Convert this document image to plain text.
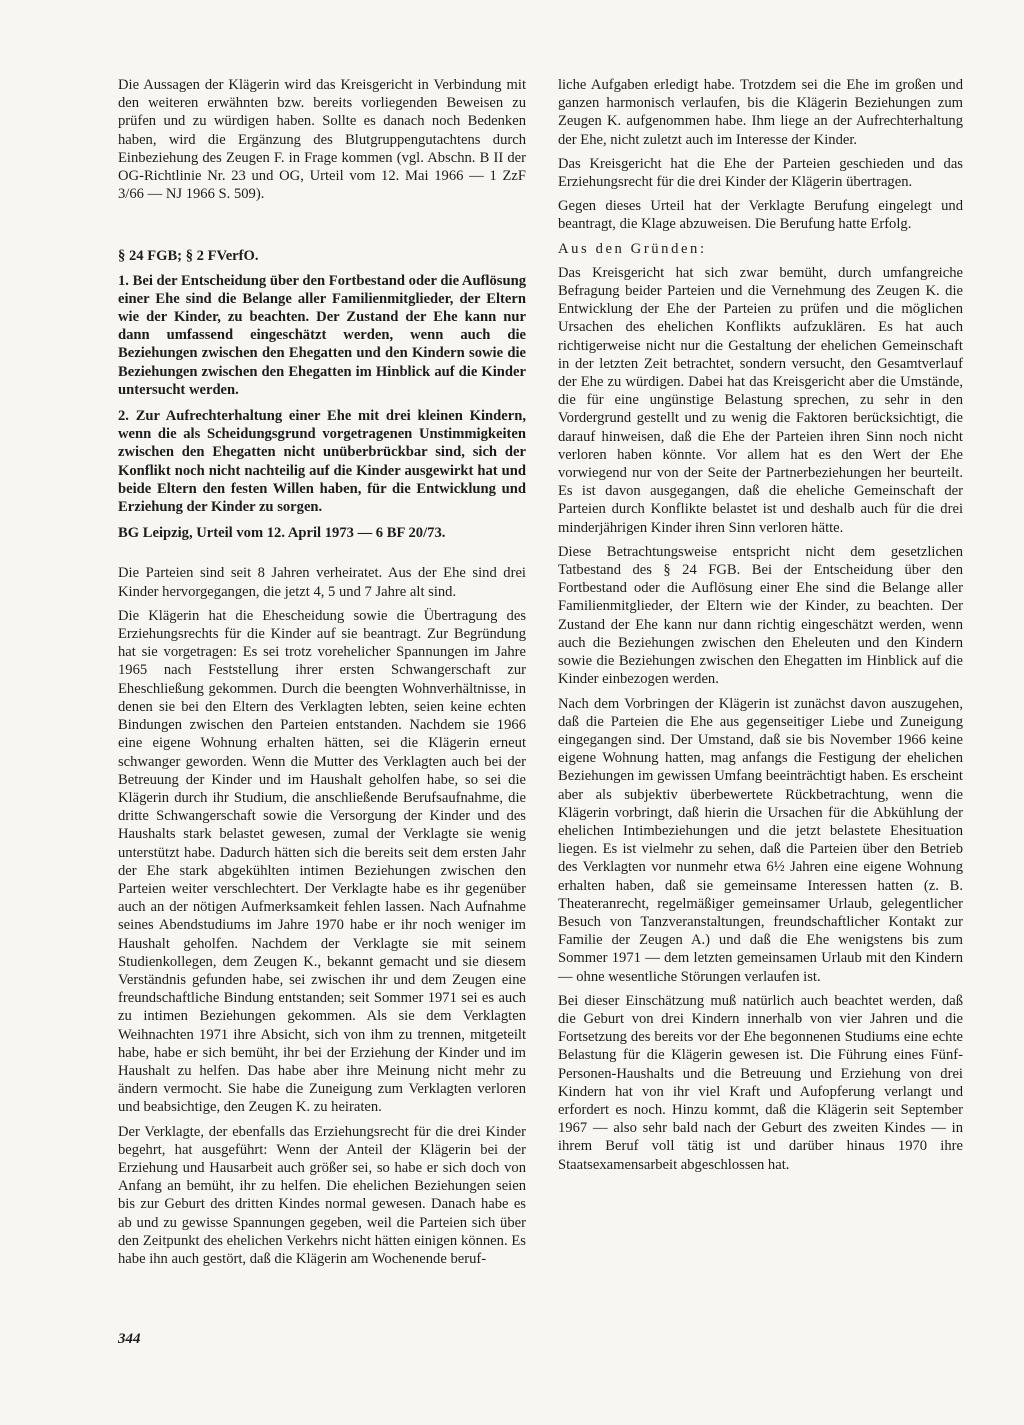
Die Aussagen der Klägerin wird das Kreisgericht in Verbindung mit den weiteren erwähnten bzw. bereits vorliegenden Beweisen zu prüfen und zu würdigen haben. Sollte es danach noch Bedenken haben, wird die Ergänzung des Blutgruppengutachtens durch Einbeziehung des Zeugen F. in Frage kommen (vgl. Abschn. B II der OG-Richtlinie Nr. 23 und OG, Urteil vom 12. Mai 1966 — 1 ZzF 3/66 — NJ 1966 S. 509).

§ 24 FGB; § 2 FVerfO.

1. Bei der Entscheidung über den Fortbestand oder die Auflösung einer Ehe sind die Belange aller Familienmitglieder, der Eltern wie der Kinder, zu beachten. Der Zustand der Ehe kann nur dann umfassend eingeschätzt werden, wenn auch die Beziehungen zwischen den Ehegatten und den Kindern sowie die Beziehungen zwischen den Ehegatten im Hinblick auf die Kinder untersucht werden.

2. Zur Aufrechterhaltung einer Ehe mit drei kleinen Kindern, wenn die als Scheidungsgrund vorgetragenen Unstimmigkeiten zwischen den Ehegatten nicht unüberbrückbar sind, sich der Konflikt noch nicht nachteilig auf die Kinder ausgewirkt hat und beide Eltern den festen Willen haben, für die Entwicklung und Erziehung der Kinder zu sorgen.

BG Leipzig, Urteil vom 12. April 1973 — 6 BF 20/73.

Die Parteien sind seit 8 Jahren verheiratet. Aus der Ehe sind drei Kinder hervorgegangen, die jetzt 4, 5 und 7 Jahre alt sind.

Die Klägerin hat die Ehescheidung sowie die Übertragung des Erziehungsrechts für die Kinder auf sie beantragt. Zur Begründung hat sie vorgetragen: Es sei trotz vorehelicher Spannungen im Jahre 1965 nach Feststellung ihrer ersten Schwangerschaft zur Eheschließung gekommen. Durch die beengten Wohnverhältnisse, in denen sie bei den Eltern des Verklagten lebten, seien keine echten Bindungen zwischen den Parteien entstanden. Nachdem sie 1966 eine eigene Wohnung erhalten hätten, sei die Klägerin erneut schwanger geworden. Wenn die Mutter des Verklagten auch bei der Betreuung der Kinder und im Haushalt geholfen habe, so sei die Klägerin durch ihr Studium, die anschließende Berufsaufnahme, die dritte Schwangerschaft sowie die Versorgung der Kinder und des Haushalts stark belastet gewesen, zumal der Verklagte sie wenig unterstützt habe. Dadurch hätten sich die bereits seit dem ersten Jahr der Ehe stark abgekühlten intimen Beziehungen zwischen den Parteien weiter verschlechtert. Der Verklagte habe es ihr gegenüber auch an der nötigen Aufmerksamkeit fehlen lassen. Nach Aufnahme seines Abendstudiums im Jahre 1970 habe er ihr noch weniger im Haushalt geholfen. Nachdem der Verklagte sie mit seinem Studienkollegen, dem Zeugen K., bekannt gemacht und sie diesem Verständnis gefunden habe, sei zwischen ihr und dem Zeugen eine freundschaftliche Bindung entstanden; seit Sommer 1971 sei es auch zu intimen Beziehungen gekommen. Als sie dem Verklagten Weihnachten 1971 ihre Absicht, sich von ihm zu trennen, mitgeteilt habe, habe er sich bemüht, ihr bei der Erziehung der Kinder und im Haushalt zu helfen. Das habe aber ihre Meinung nicht mehr zu ändern vermocht. Sie habe die Zuneigung zum Verklagten verloren und beabsichtige, den Zeugen K. zu heiraten.

Der Verklagte, der ebenfalls das Erziehungsrecht für die drei Kinder begehrt, hat ausgeführt: Wenn der Anteil der Klägerin bei der Erziehung und Hausarbeit auch größer sei, so habe er sich doch von Anfang an bemüht, ihr zu helfen. Die ehelichen Beziehungen seien bis zur Geburt des dritten Kindes normal gewesen. Danach habe es ab und zu gewisse Spannungen gegeben, weil die Parteien sich über den Zeitpunkt des ehelichen Verkehrs nicht hätten einigen können. Es habe ihn auch gestört, daß die Klägerin am Wochenende beruf-

liche Aufgaben erledigt habe. Trotzdem sei die Ehe im großen und ganzen harmonisch verlaufen, bis die Klägerin Beziehungen zum Zeugen K. aufgenommen habe. Ihm liege an der Aufrechterhaltung der Ehe, nicht zuletzt auch im Interesse der Kinder.

Das Kreisgericht hat die Ehe der Parteien geschieden und das Erziehungsrecht für die drei Kinder der Klägerin übertragen.

Gegen dieses Urteil hat der Verklagte Berufung eingelegt und beantragt, die Klage abzuweisen. Die Berufung hatte Erfolg.

Aus den Gründen:

Das Kreisgericht hat sich zwar bemüht, durch umfangreiche Befragung beider Parteien und die Vernehmung des Zeugen K. die Entwicklung der Ehe der Parteien zu prüfen und die möglichen Ursachen des ehelichen Konflikts aufzuklären. Es hat auch richtigerweise nicht nur die Gestaltung der ehelichen Gemeinschaft in der letzten Zeit betrachtet, sondern versucht, den Gesamtverlauf der Ehe zu würdigen. Dabei hat das Kreisgericht aber die Umstände, die für eine ungünstige Belastung sprechen, zu sehr in den Vordergrund gestellt und zu wenig die Faktoren berücksichtigt, die darauf hinweisen, daß die Ehe der Parteien ihren Sinn noch nicht verloren haben könnte. Vor allem hat es den Wert der Ehe vorwiegend nur von der Seite der Partnerbeziehungen her beurteilt. Es ist davon ausgegangen, daß die eheliche Gemeinschaft der Parteien durch Konflikte belastet ist und deshalb auch für die drei minderjährigen Kinder ihren Sinn verloren hätte.

Diese Betrachtungsweise entspricht nicht dem gesetzlichen Tatbestand des § 24 FGB. Bei der Entscheidung über den Fortbestand oder die Auflösung einer Ehe sind die Belange aller Familienmitglieder, der Eltern wie der Kinder, zu beachten. Der Zustand der Ehe kann nur dann richtig eingeschätzt werden, wenn auch die Beziehungen zwischen den Eheleuten und den Kindern sowie die Beziehungen zwischen den Ehegatten im Hinblick auf die Kinder einbezogen werden.

Nach dem Vorbringen der Klägerin ist zunächst davon auszugehen, daß die Parteien die Ehe aus gegenseitiger Liebe und Zuneigung eingegangen sind. Der Umstand, daß sie bis November 1966 keine eigene Wohnung hatten, mag anfangs die Festigung der ehelichen Beziehungen im gewissen Umfang beeinträchtigt haben. Es erscheint aber als subjektiv überbewertete Rückbetrachtung, wenn die Klägerin vorbringt, daß hierin die Ursachen für die Abkühlung der ehelichen Intimbeziehungen und die jetzt belastete Ehesituation liegen. Es ist vielmehr zu sehen, daß die Parteien über den Betrieb des Verklagten vor nunmehr etwa 6½ Jahren eine eigene Wohnung erhalten haben, daß sie gemeinsame Interessen hatten (z. B. Theateranrecht, regelmäßiger gemeinsamer Urlaub, gelegentlicher Besuch von Tanzveranstaltungen, freundschaftlicher Kontakt zur Familie der Zeugen A.) und daß die Ehe wenigstens bis zum Sommer 1971 — dem letzten gemeinsamen Urlaub mit den Kindern — ohne wesentliche Störungen verlaufen ist.

Bei dieser Einschätzung muß natürlich auch beachtet werden, daß die Geburt von drei Kindern innerhalb von vier Jahren und die Fortsetzung des bereits vor der Ehe begonnenen Studiums eine echte Belastung für die Klägerin gewesen ist. Die Führung eines Fünf-Personen-Haushalts und die Betreuung und Erziehung von drei Kindern hat von ihr viel Kraft und Aufopferung verlangt und erfordert es noch. Hinzu kommt, daß die Klägerin seit September 1967 — also sehr bald nach der Geburt des zweiten Kindes — in ihrem Beruf voll tätig ist und darüber hinaus 1970 ihre Staatsexamensarbeit abgeschlossen hat.

344
